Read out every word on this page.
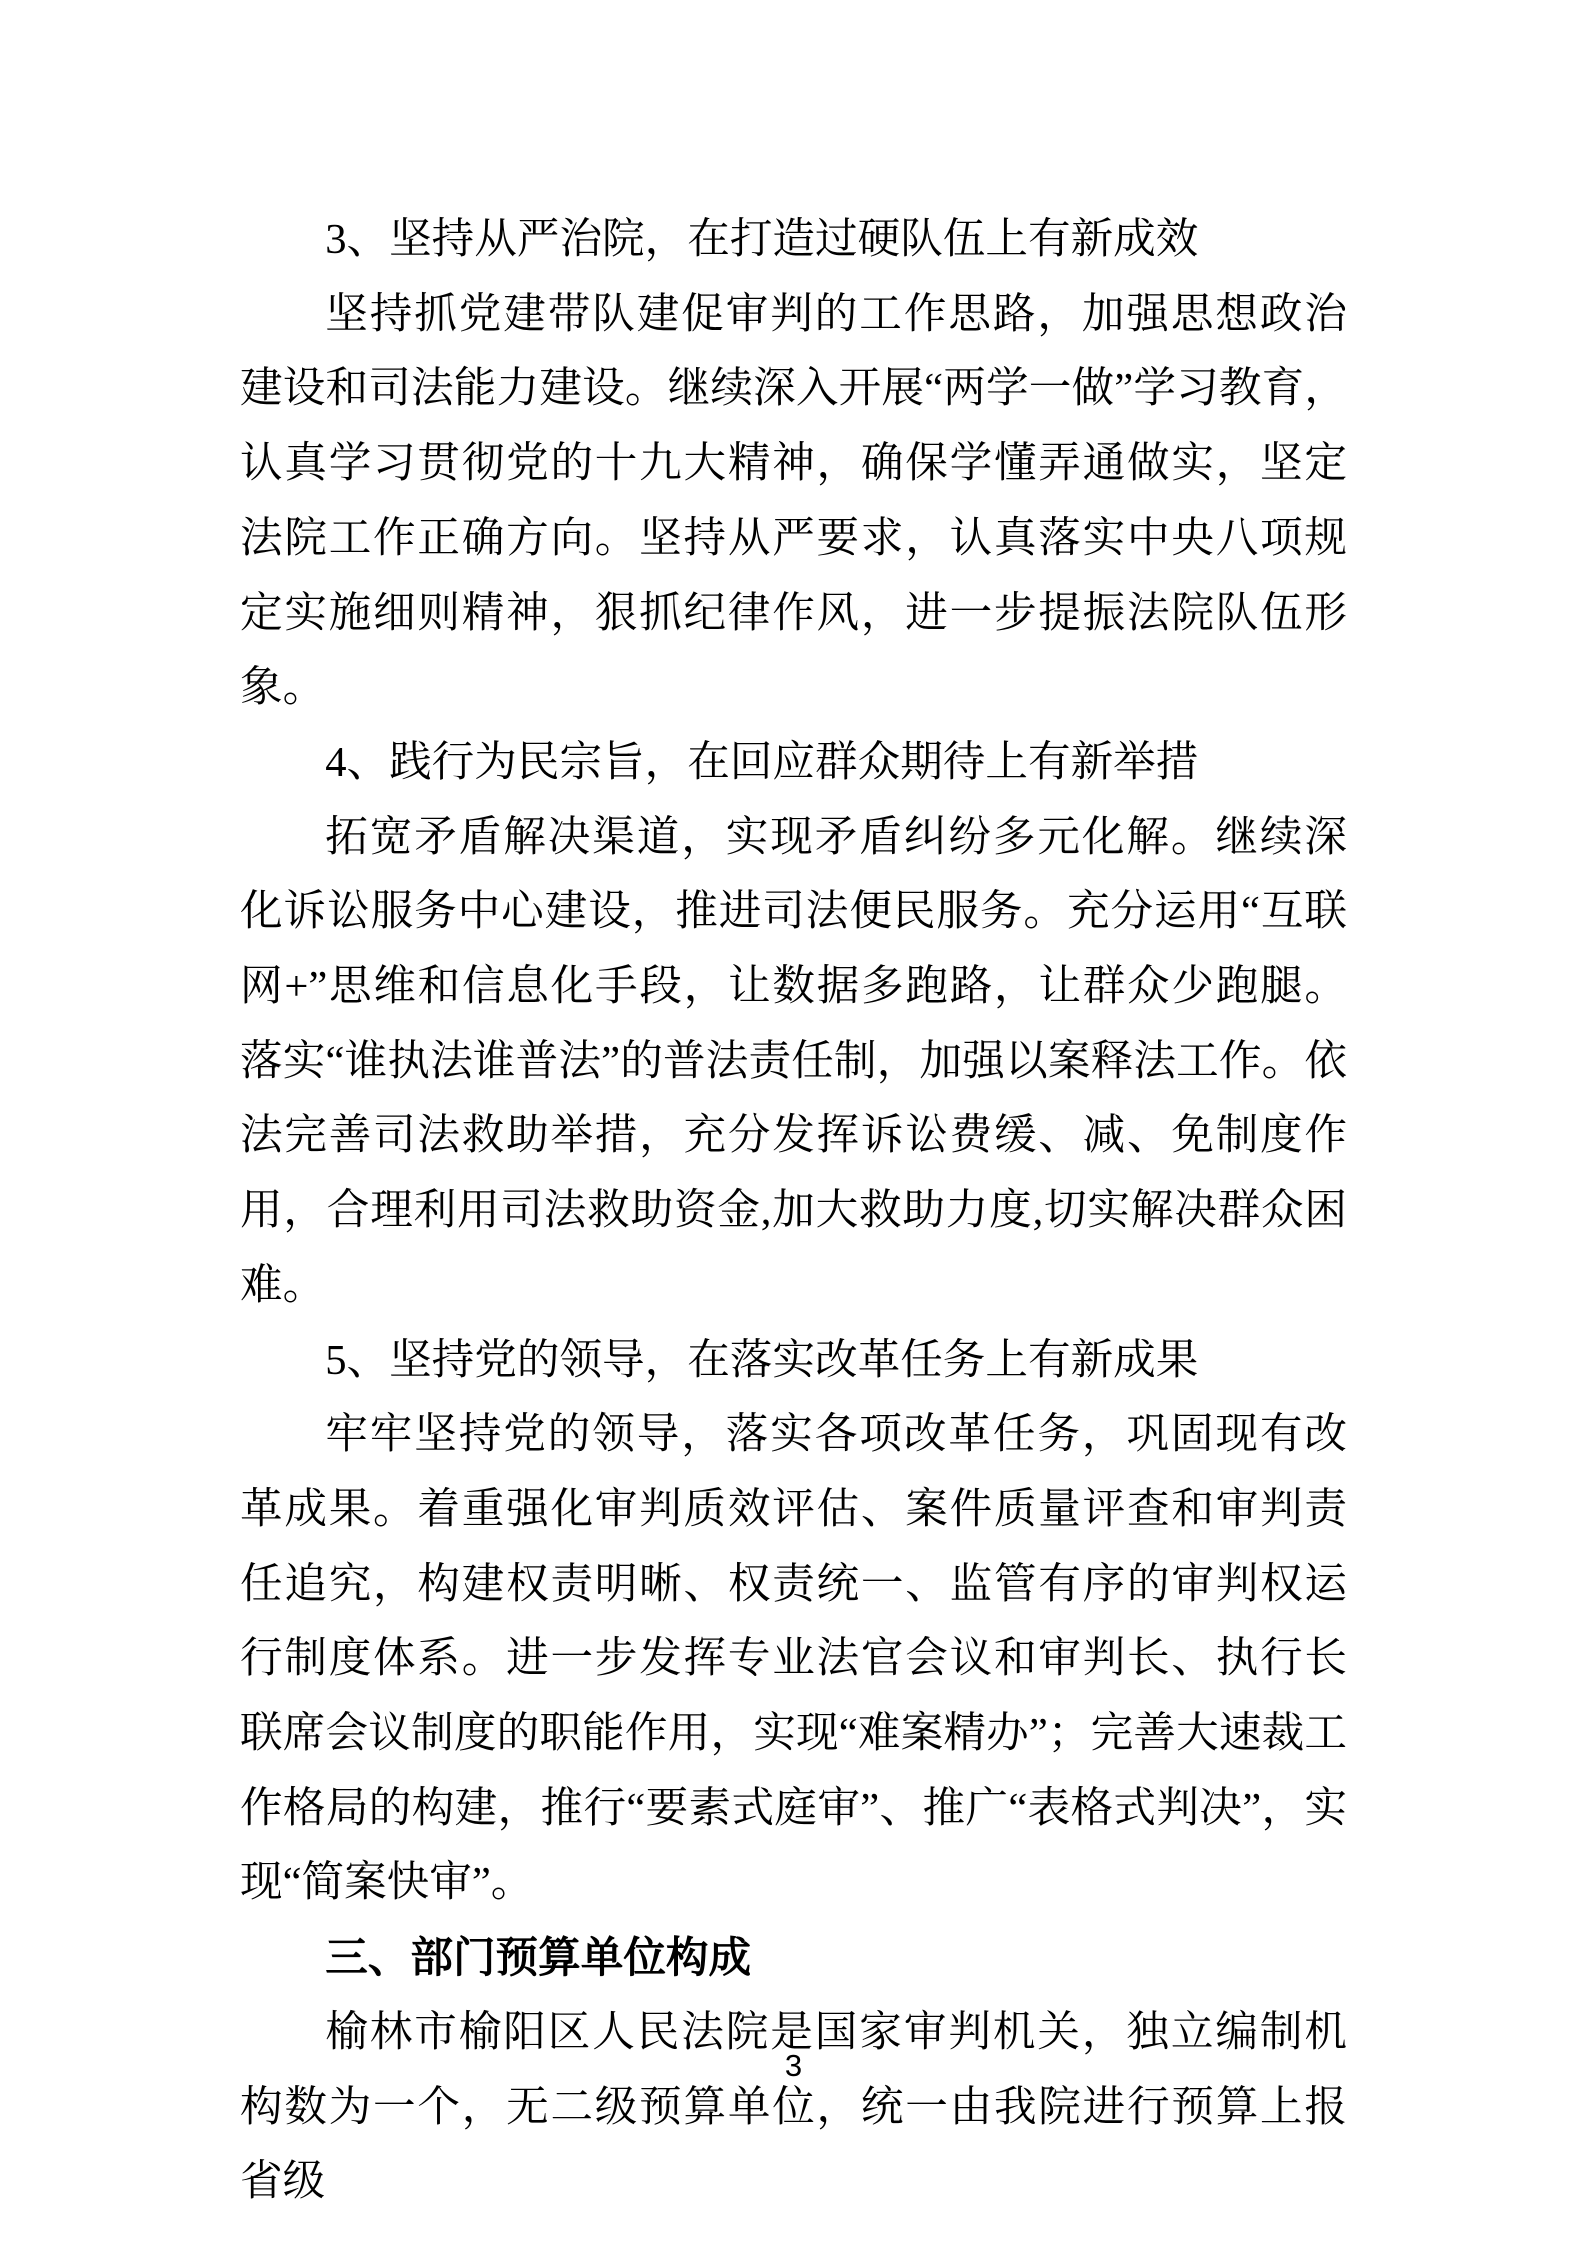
3、坚持从严治院，在打造过硬队伍上有新成效

坚持抓党建带队建促审判的工作思路，加强思想政治建设和司法能力建设。继续深入开展“两学一做”学习教育，认真学习贯彻党的十九大精神，确保学懂弄通做实，坚定法院工作正确方向。坚持从严要求，认真落实中央八项规定实施细则精神，狠抓纪律作风，进一步提振法院队伍形象。

4、践行为民宗旨，在回应群众期待上有新举措

拓宽矛盾解决渠道，实现矛盾纠纷多元化解。继续深化诉讼服务中心建设，推进司法便民服务。充分运用“互联网+”思维和信息化手段，让数据多跑路，让群众少跑腿。落实“谁执法谁普法”的普法责任制，加强以案释法工作。依法完善司法救助举措，充分发挥诉讼费缓、减、免制度作用，合理利用司法救助资金,加大救助力度,切实解决群众困难。

5、坚持党的领导，在落实改革任务上有新成果

牢牢坚持党的领导，落实各项改革任务，巩固现有改革成果。着重强化审判质效评估、案件质量评查和审判责任追究，构建权责明晰、权责统一、监管有序的审判权运行制度体系。进一步发挥专业法官会议和审判长、执行长联席会议制度的职能作用，实现“难案精办”；完善大速裁工作格局的构建，推行“要素式庭审”、推广“表格式判决”，实现“简案快审”。

三、部门预算单位构成

榆林市榆阳区人民法院是国家审判机关，独立编制机构数为一个，无二级预算单位，统一由我院进行预算上报省级

3
